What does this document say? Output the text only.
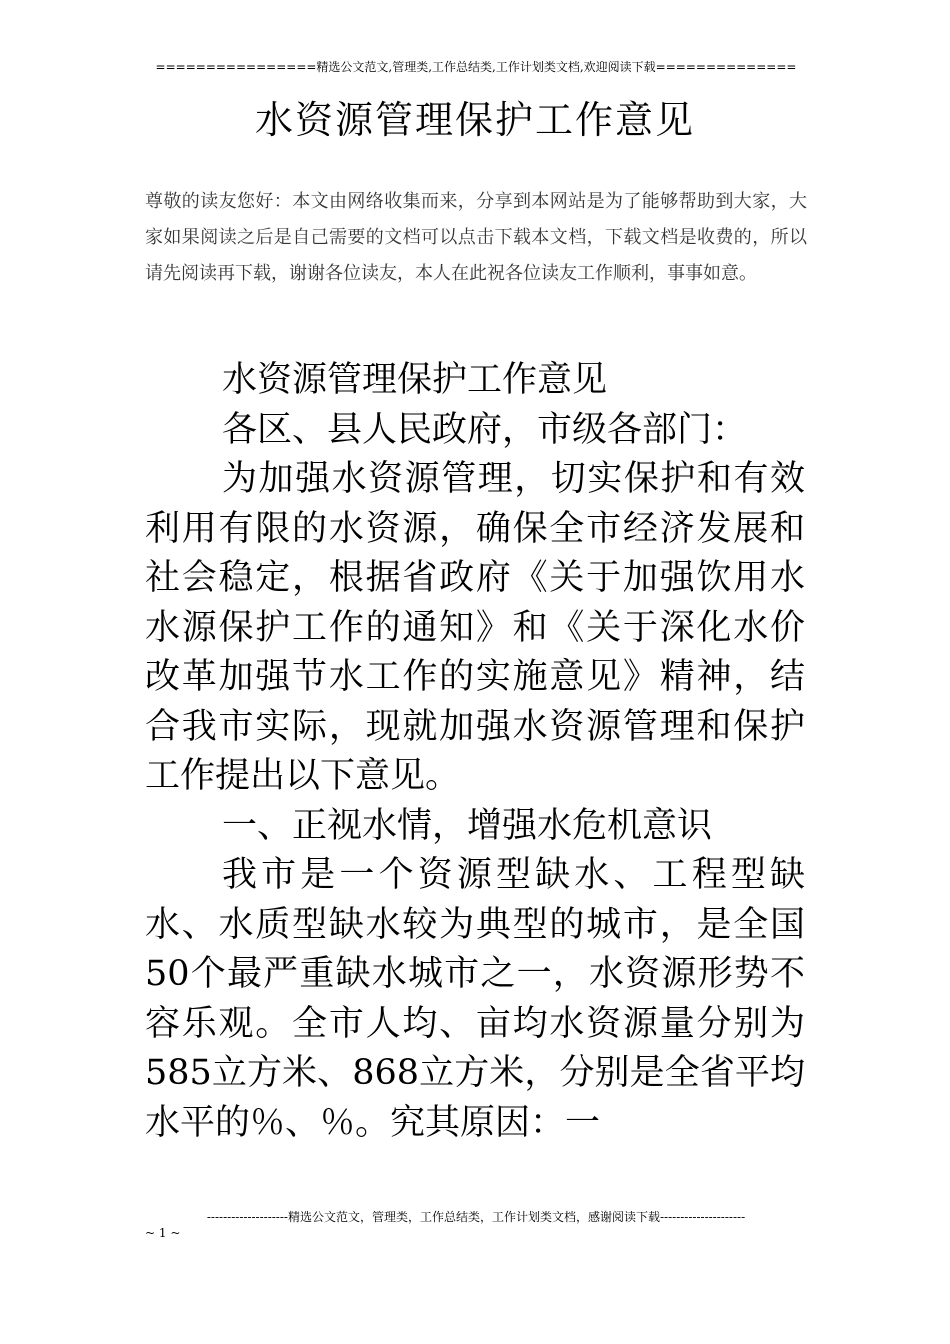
================精选公文范文,管理类,工作总结类,工作计划类文档,欢迎阅读下载==============
水资源管理保护工作意见
尊敬的读友您好：本文由网络收集而来，分享到本网站是为了能够帮助到大家，大家如果阅读之后是自己需要的文档可以点击下载本文档，下载文档是收费的，所以请先阅读再下载，谢谢各位读友，本人在此祝各位读友工作顺利，事事如意。

水资源管理保护工作意见

各区、县人民政府，市级各部门：

为加强水资源管理，切实保护和有效利用有限的水资源，确保全市经济发展和社会稳定，根据省政府《关于加强饮用水水源保护工作的通知》和《关于深化水价改革加强节水工作的实施意见》精神，结合我市实际，现就加强水资源管理和保护工作提出以下意见。

一、正视水情，增强水危机意识

我市是一个资源型缺水、工程型缺水、水质型缺水较为典型的城市，是全国50个最严重缺水城市之一，水资源形势不容乐观。全市人均、亩均水资源量分别为585立方米、868立方米，分别是全省平均水平的％、％。究其原因：一

--------------------精选公文范文，管理类，工作总结类，工作计划类文档，感谢阅读下载---------------------
~ 1 ~
